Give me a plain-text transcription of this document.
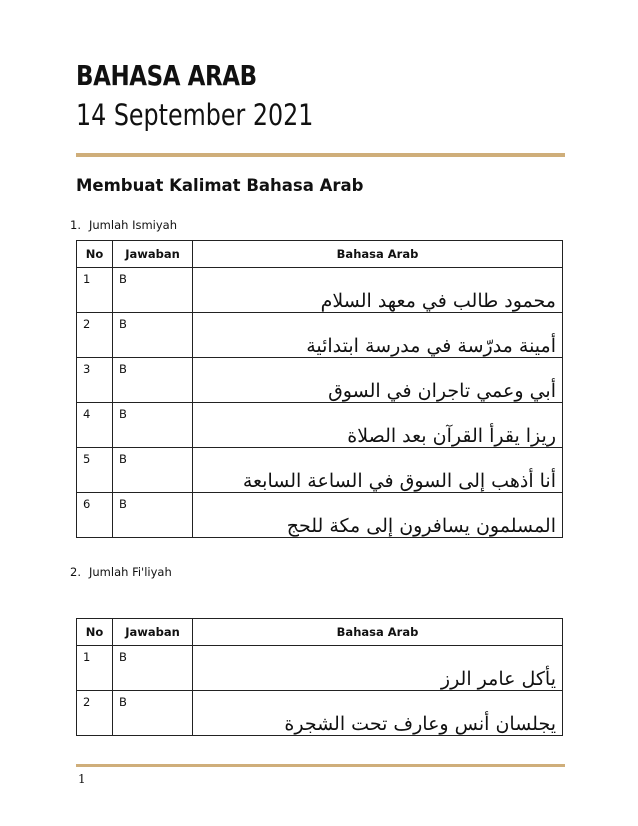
BAHASA ARAB
14 September 2021
Membuat Kalimat Bahasa Arab
1. Jumlah Ismiyah
No	Jawaban	Bahasa Arab
1	B	محمود طالب في معهد السلام
2	B	أمينة مدرّسة في مدرسة ابتدائية
3	B	أبي وعمي تاجران في السوق
4	B	ريزا يقرأ القرآن بعد الصلاة
5	B	أنا أذهب إلى السوق في الساعة السابعة
6	B	المسلمون يسافرون إلى مكة للحج
2. Jumlah Fi'liyah
No	Jawaban	Bahasa Arab
1	B	يأكل عامر الرز
2	B	يجلسان أنس وعارف تحت الشجرة
1
